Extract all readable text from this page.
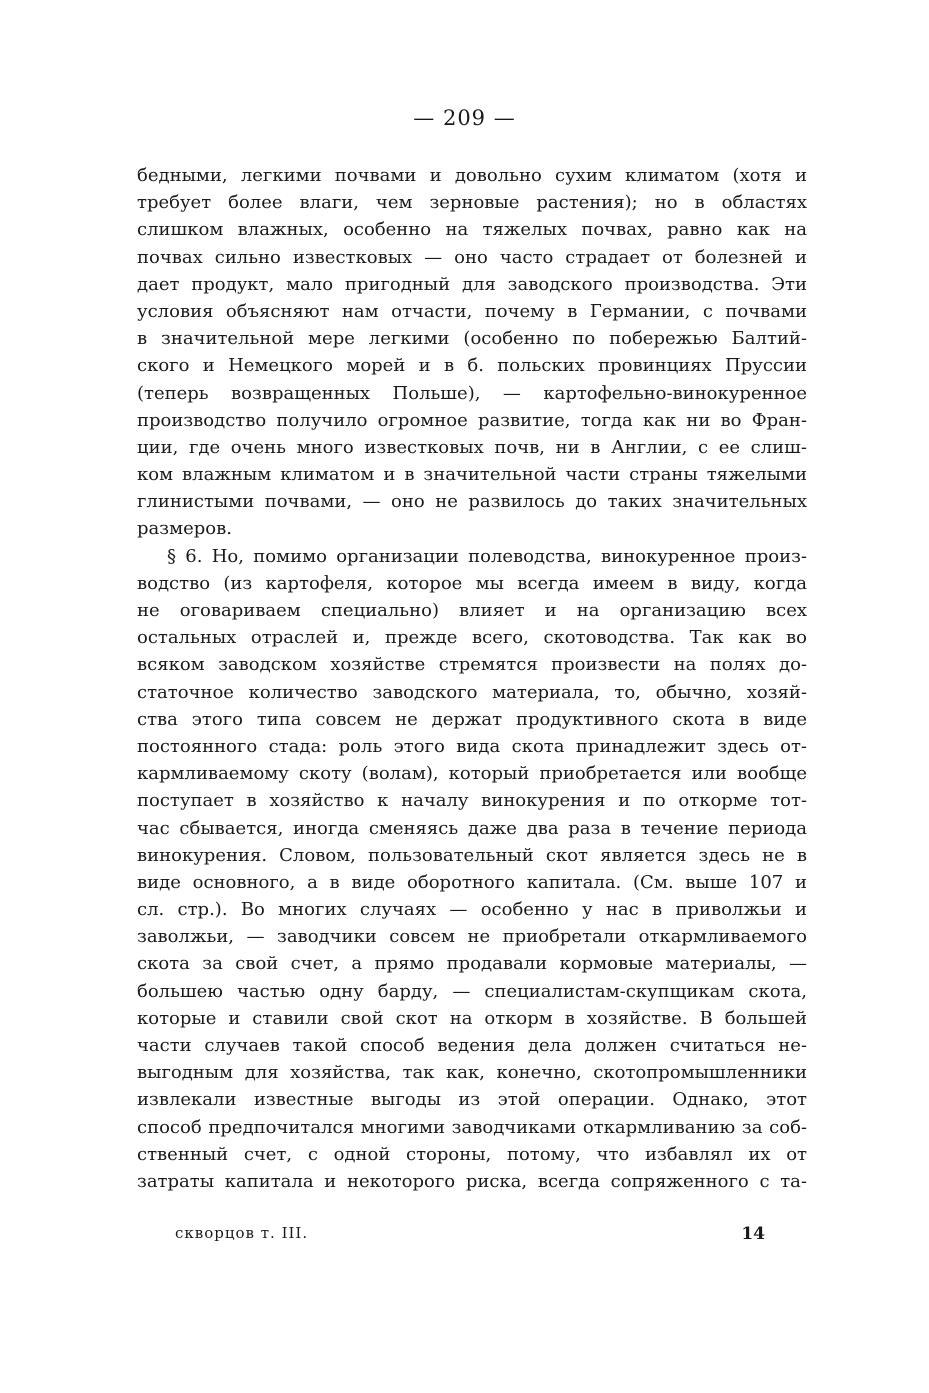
— 209 —
бедными, легкими почвами и довольно сухим климатом (хотя и
требует более влаги, чем зерновые растения); но в областях
слишком влажных, особенно на тяжелых почвах, равно как на
почвах сильно известковых — оно часто страдает от болезней и
дает продукт, мало пригодный для заводского производства. Эти
условия объясняют нам отчасти, почему в Германии, с почвами
в значительной мере легкими (особенно по побережью Балтий-
ского и Немецкого морей и в б. польских провинциях Пруссии
(теперь возвращенных Польше), — картофельно-винокуренное
производство получило огромное развитие, тогда как ни во Фран-
ции, где очень много известковых почв, ни в Англии, с ее слиш-
ком влажным климатом и в значительной части страны тяжелыми
глинистыми почвами, — оно не развилось до таких значительных
размеров.
§ 6. Но, помимо организации полеводства, винокуренное произ-
водство (из картофеля, которое мы всегда имеем в виду, когда
не оговариваем специально) влияет и на организацию всех
остальных отраслей и, прежде всего, скотоводства. Так как во
всяком заводском хозяйстве стремятся произвести на полях до-
статочное количество заводского материала, то, обычно, хозяй-
ства этого типа совсем не держат продуктивного скота в виде
постоянного стада: роль этого вида скота принадлежит здесь от-
кармливаемому скоту (волам), который приобретается или вообще
поступает в хозяйство к началу винокурения и по откорме тот-
час сбывается, иногда сменяясь даже два раза в течение периода
винокурения. Словом, пользовательный скот является здесь не в
виде основного, а в виде оборотного капитала. (См. выше 107 и
сл. стр.). Во многих случаях — особенно у нас в приволжьи и
заволжьи, — заводчики совсем не приобретали откармливаемого
скота за свой счет, а прямо продавали кормовые материалы, —
большею частью одну барду, — специалистам-скупщикам скота,
которые и ставили свой скот на откорм в хозяйстве. В большей
части случаев такой способ ведения дела должен считаться не-
выгодным для хозяйства, так как, конечно, скотопромышленники
извлекали известные выгоды из этой операции. Однако, этот
способ предпочитался многими заводчиками откармливанию за соб-
ственный счет, с одной стороны, потому, что избавлял их от
затраты капитала и некоторого риска, всегда сопряженного с та-
скворцов т. III.	14
